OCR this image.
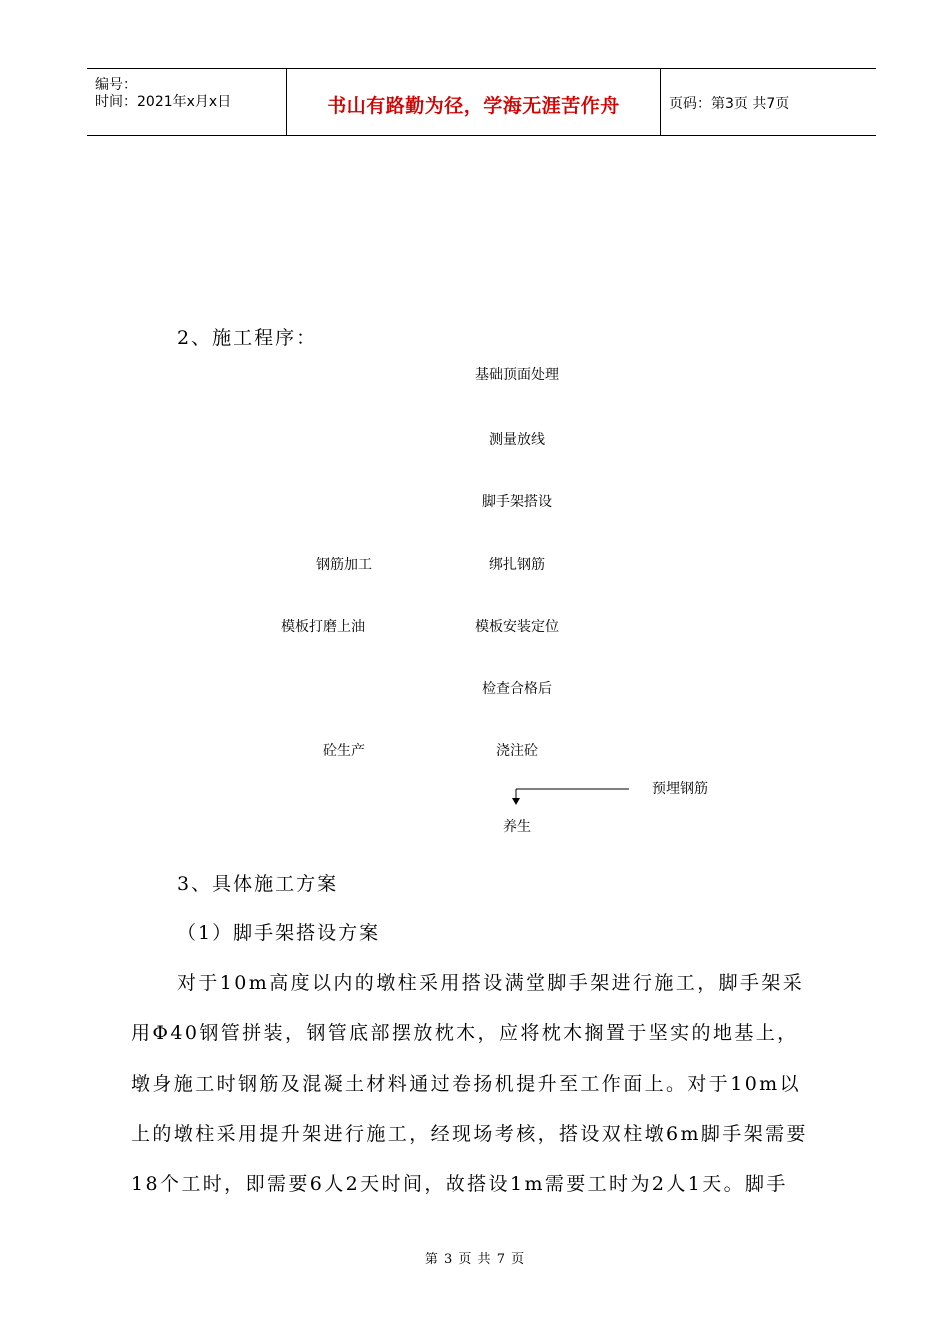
编号：
时间：2021年x月x日	书山有路勤为径，学海无涯苦作舟	页码：第3页 共7页
2、施工程序：
基础顶面处理
测量放线
脚手架搭设
绑扎钢筋
模板安装定位
检查合格后
浇注砼
养生
钢筋加工
模板打磨上油
砼生产
预埋钢筋
3、具体施工方案
（1）脚手架搭设方案
对于10m高度以内的墩柱采用搭设满堂脚手架进行施工，脚手架采
用Φ40钢管拼装，钢管底部摆放枕木，应将枕木搁置于坚实的地基上，
墩身施工时钢筋及混凝土材料通过卷扬机提升至工作面上。对于10m以
上的墩柱采用提升架进行施工，经现场考核，搭设双柱墩6m脚手架需要
18个工时，即需要6人2天时间，故搭设1m需要工时为2人1天。脚手
第 3 页 共 7 页
